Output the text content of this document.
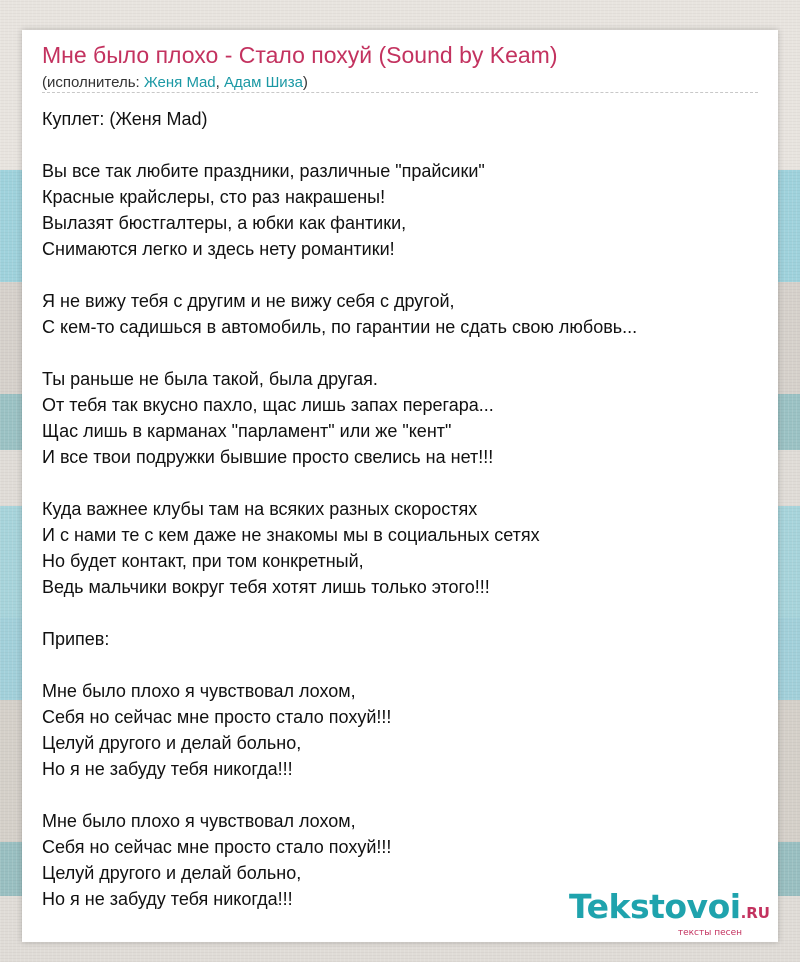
Мне было плохо - Стало похуй (Sound by Keam)
(исполнитель: Женя Mad, Адам Шиза)
Куплет: (Женя Mad)
Вы все так любите праздники, различные "прайсики"
Красные крайслеры, сто раз накрашены!
Вылазят бюстгалтеры, а юбки как фантики,
Снимаются легко и здесь нету романтики!
Я не вижу тебя с другим и не вижу себя с другой,
С кем-то садишься в автомобиль, по гарантии не сдать свою любовь...
Ты раньше не была такой, была другая.
От тебя так вкусно пахло, щас лишь запах перегара...
Щас лишь в карманах "парламент" или же "кент"
И все твои подружки бывшие просто свелись на нет!!!
Куда важнее клубы там на всяких разных скоростях
И с нами те с кем даже не знакомы мы в социальных сетях
Но будет контакт, при том конкретный,
Ведь мальчики вокруг тебя хотят лишь только этого!!!
Припев:
Мне было плохо я чувствовал лохом,
Себя но сейчас мне просто стало похуй!!!
Целуй другого и делай больно,
Но я не забуду тебя никогда!!!
Мне было плохо я чувствовал лохом,
Себя но сейчас мне просто стало похуй!!!
Целуй другого и делай больно,
Но я не забуду тебя никогда!!!	Tekstovoi.RU
тексты песен
